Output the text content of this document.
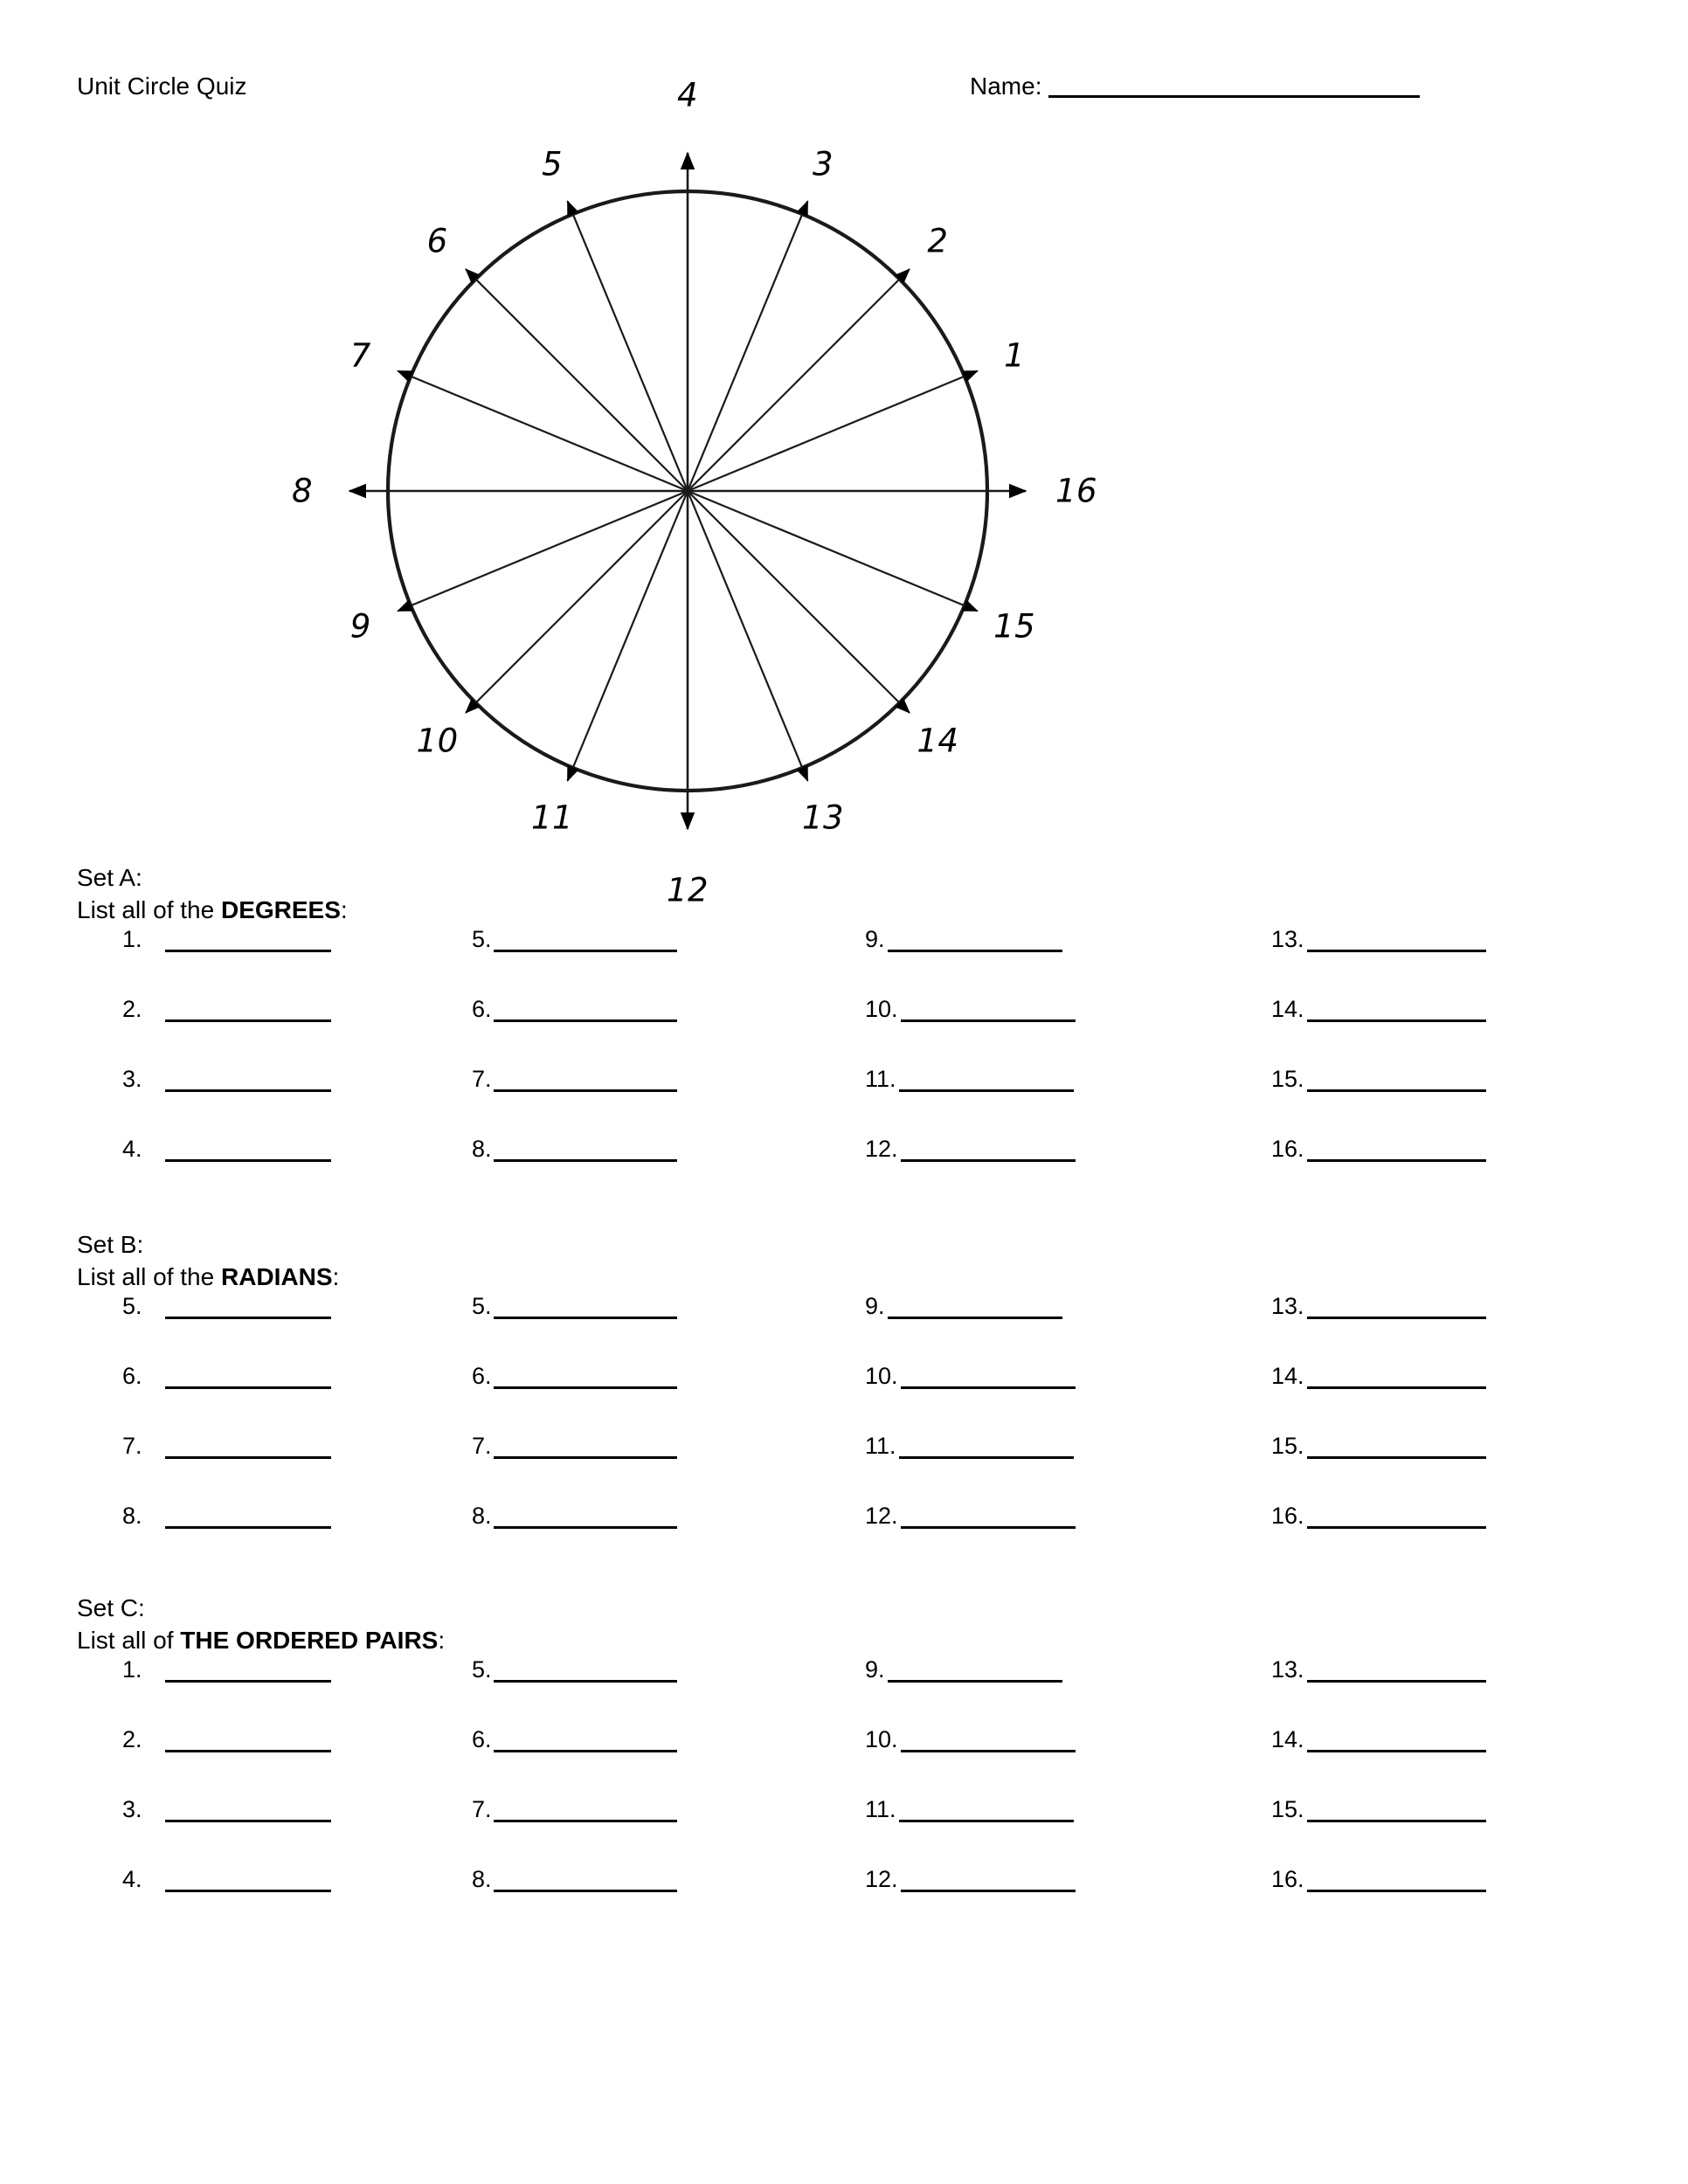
Unit Circle Quiz	Name:
1
2
3
4
5
6
7
8
9
10
11
12
13
14
15
16
Set A:
List all of the DEGREES:
1.
2.
3.
4.
5.
6.
7.
8.
9.
10.
11.
12.
13.
14.
15.
16.
Set B:
List all of the RADIANS:
5.
6.
7.
8.
5.
6.
7.
8.
9.
10.
11.
12.
13.
14.
15.
16.
Set C:
List all of THE ORDERED PAIRS:
1.
2.
3.
4.
5.
6.
7.
8.
9.
10.
11.
12.
13.
14.
15.
16.
